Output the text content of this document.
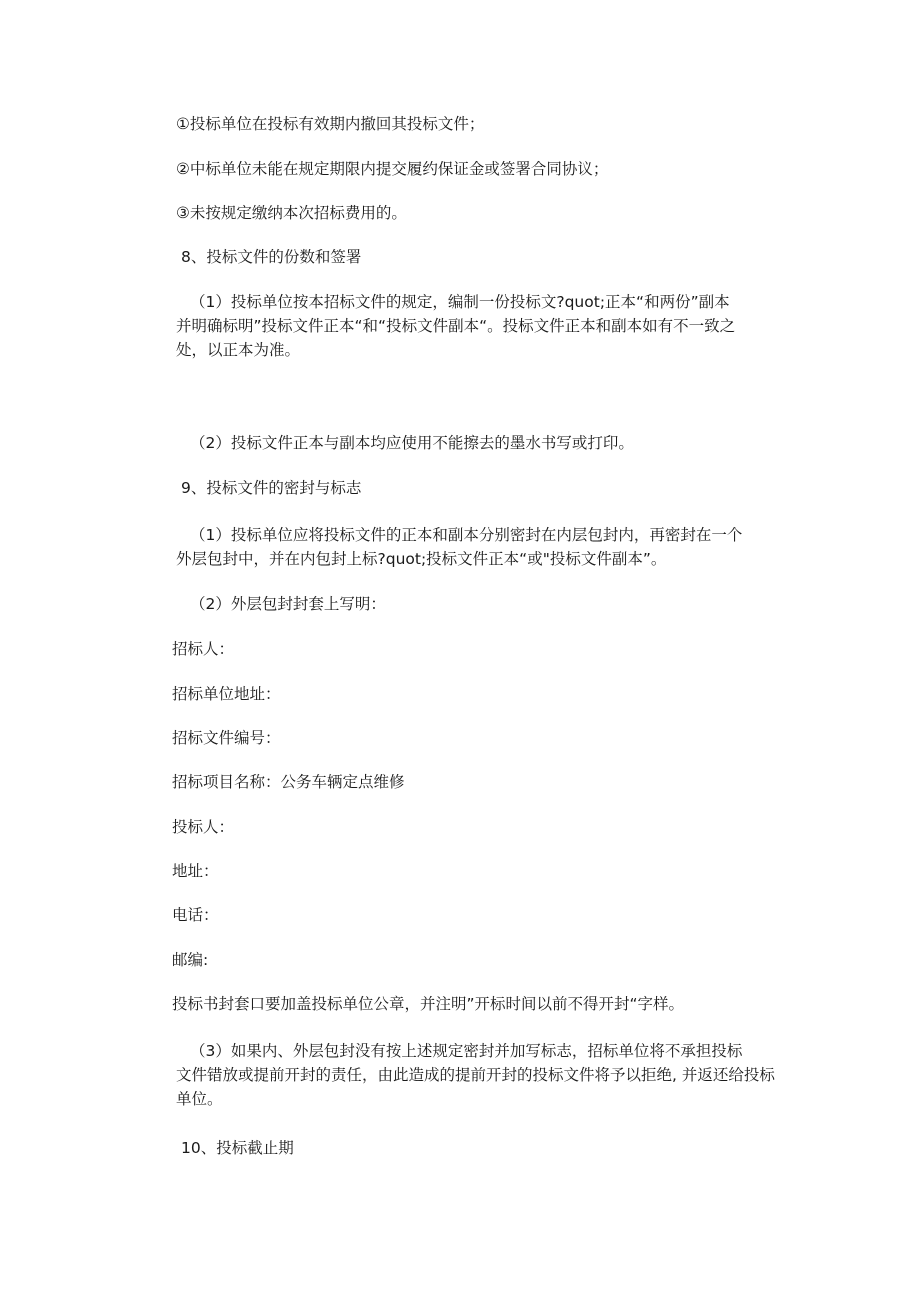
①投标单位在投标有效期内撤回其投标文件；

②中标单位未能在规定期限内提交履约保证金或签署合同协议；

③未按规定缴纳本次招标费用的。

8、投标文件的份数和签署

（1）投标单位按本招标文件的规定，编制一份投标文?quot;正本“和两份”副本
并明确标明”投标文件正本“和“投标文件副本“。投标文件正本和副本如有不一致之
处，以正本为准。

（2）投标文件正本与副本均应使用不能擦去的墨水书写或打印。

9、投标文件的密封与标志

（1）投标单位应将投标文件的正本和副本分别密封在内层包封内，再密封在一个
外层包封中，并在内包封上标?quot;投标文件正本“或"投标文件副本”。

（2）外层包封封套上写明：

招标人：

招标单位地址：

招标文件编号：

招标项目名称：公务车辆定点维修

投标人：

地址：

电话：

邮编:

投标书封套口要加盖投标单位公章，并注明”开标时间以前不得开封“字样。

（3）如果内、外层包封没有按上述规定密封并加写标志，招标单位将不承担投标
文件错放或提前开封的责任，由此造成的提前开封的投标文件将予以拒绝, 并返还给投标
单位。

10、投标截止期
